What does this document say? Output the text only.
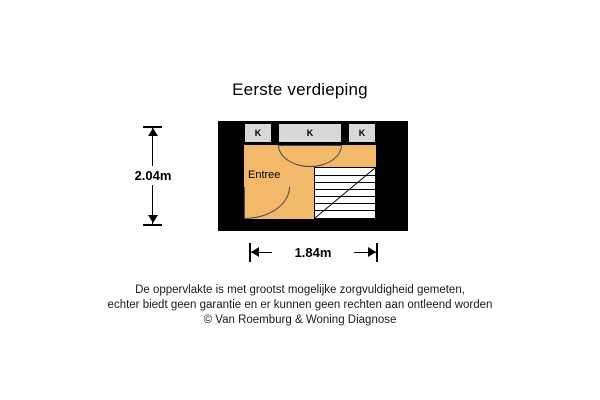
Eerste verdieping
K	K	K
Entree
2.04m
1.84m
De oppervlakte is met grootst mogelijke zorgvuldigheid gemeten,
echter biedt geen garantie en er kunnen geen rechten aan ontleend worden
© Van Roemburg & Woning Diagnose
